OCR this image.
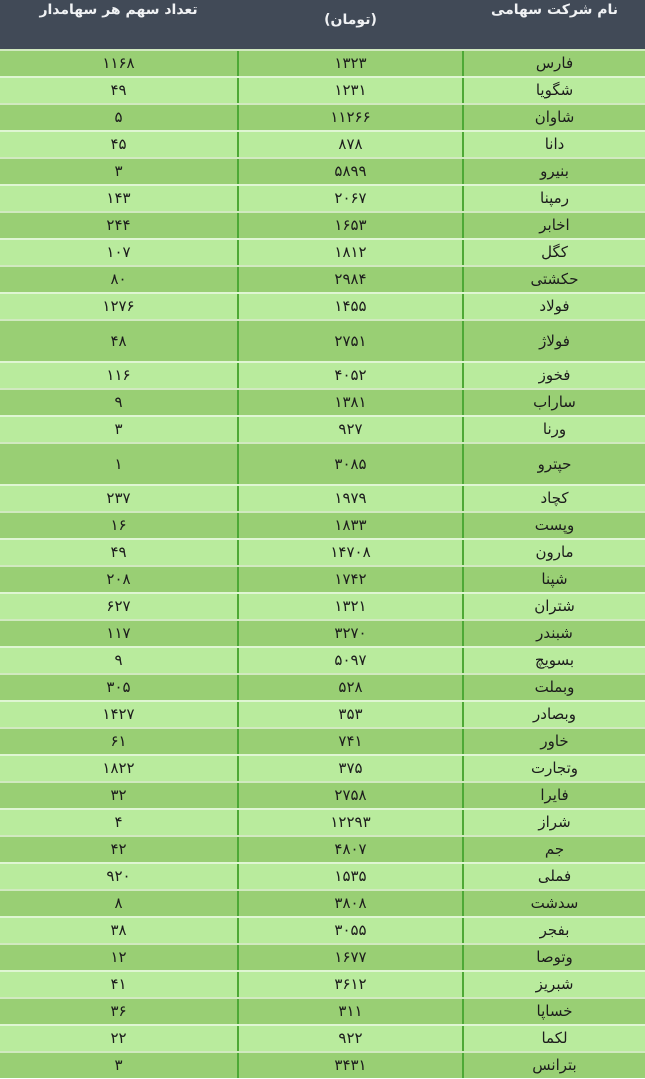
نام شرکت سهامی
(تومان)
تعداد سهم هر سهامدار
فارس
۱۳۲۳
۱۱۶۸
شگویا
۱۲۳۱
۴۹
شاوان
۱۱۲۶۶
۵
دانا
۸۷۸
۴۵
بنیرو
۵۸۹۹
۳
رمپنا
۲۰۶۷
۱۴۳
اخابر
۱۶۵۳
۲۴۴
کگل
۱۸۱۲
۱۰۷
حکشتی
۲۹۸۴
۸۰
فولاد
۱۴۵۵
۱۲۷۶
فولاژ
۲۷۵۱
۴۸
فخوز
۴۰۵۲
۱۱۶
ساراب
۱۳۸۱
۹
ورنا
۹۲۷
۳
حپترو
۳۰۸۵
۱
کچاد
۱۹۷۹
۲۳۷
وپست
۱۸۳۳
۱۶
مارون
۱۴۷۰۸
۴۹
شپنا
۱۷۴۲
۲۰۸
شتران
۱۳۲۱
۶۲۷
شبندر
۳۲۷۰
۱۱۷
بسویچ
۵۰۹۷
۹
وبملت
۵۲۸
۳۰۵
وبصادر
۳۵۳
۱۴۲۷
خاور
۷۴۱
۶۱
وتجارت
۳۷۵
۱۸۲۲
فایرا
۲۷۵۸
۳۲
شراز
۱۲۲۹۳
۴
جم
۴۸۰۷
۴۲
فملی
۱۵۳۵
۹۲۰
سدشت
۳۸۰۸
۸
بفجر
۳۰۵۵
۳۸
وتوصا
۱۶۷۷
۱۲
شبریز
۳۶۱۲
۴۱
خساپا
۳۱۱
۳۶
لکما
۹۲۲
۲۲
بترانس
۳۴۳۱
۳
